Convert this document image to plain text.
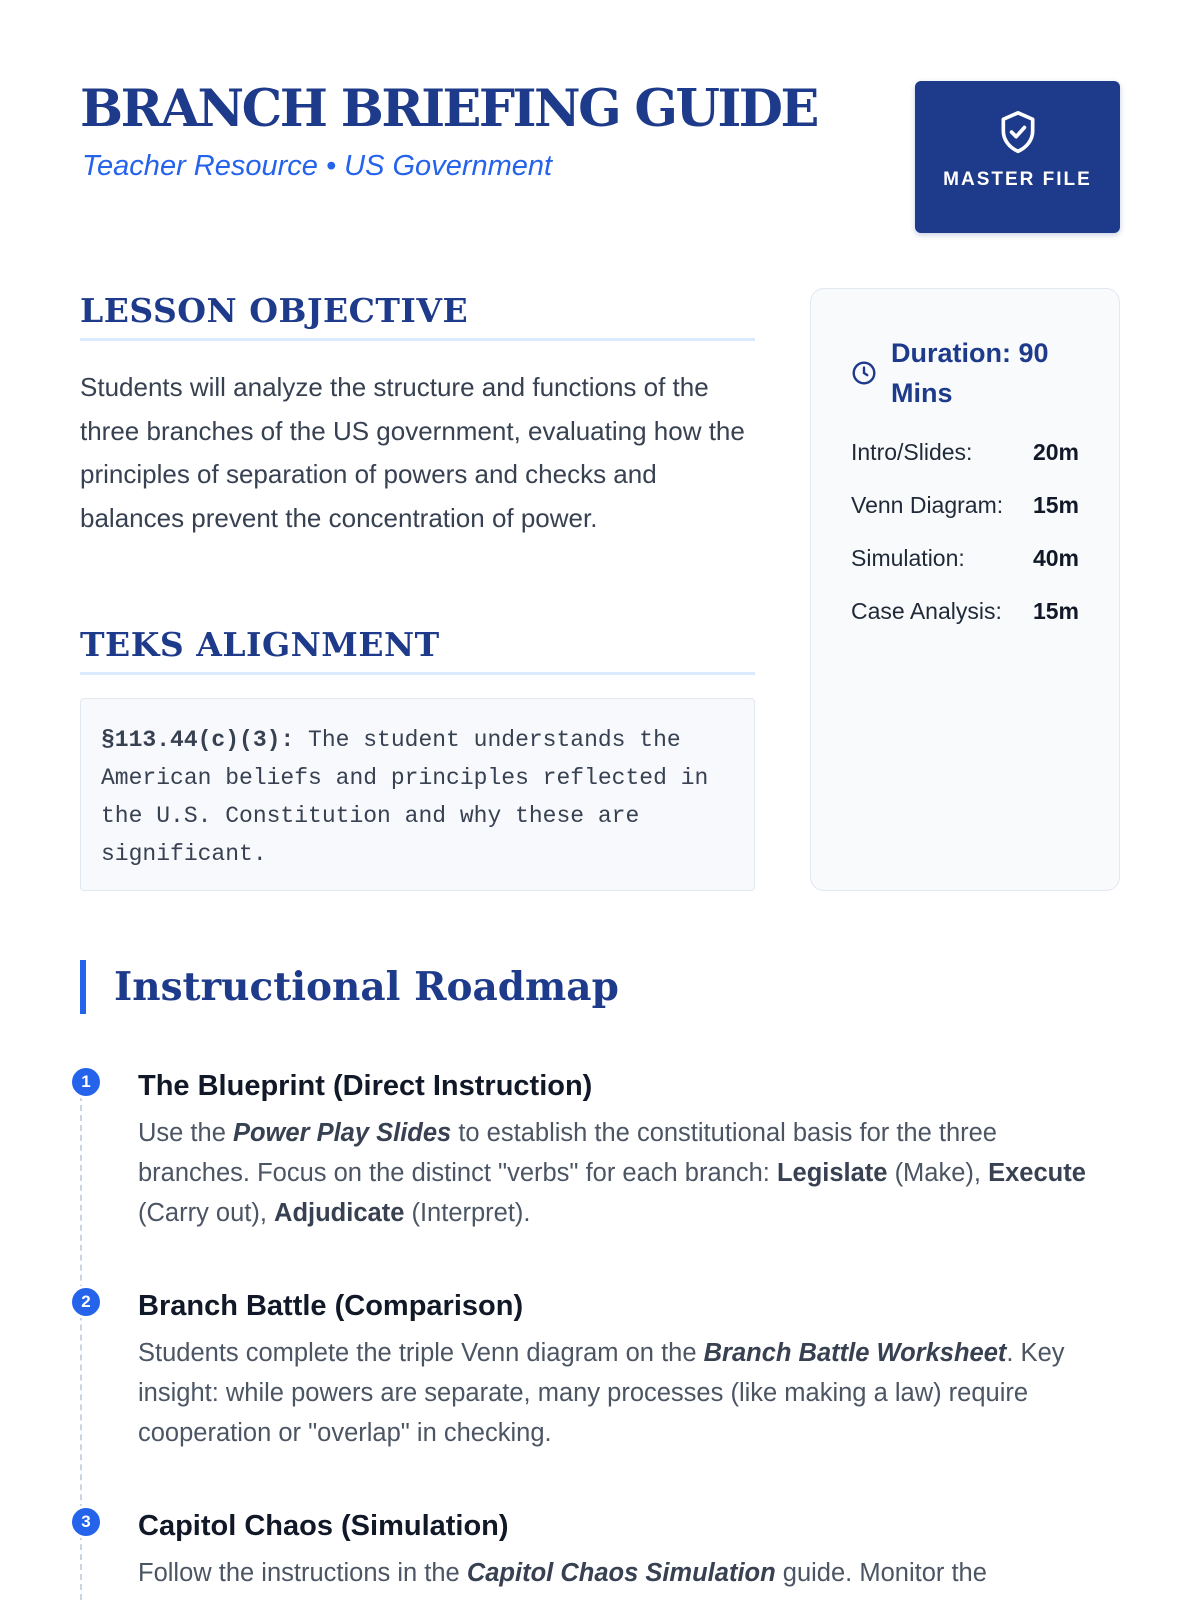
BRANCH BRIEFING GUIDE
Teacher Resource • US Government	MASTER FILE
LESSON OBJECTIVE

Students will analyze the structure and functions of the three branches of the US government, evaluating how the principles of separation of powers and checks and balances prevent the concentration of power.

TEKS ALIGNMENT
§113.44(c)(3): The student understands the American beliefs and principles reflected in the U.S. Constitution and why these are significant.
Duration: 90 Mins
Intro/Slides:	20m
Venn Diagram: 15m
Simulation:	40m
Case Analysis: 15m
Instructional Roadmap
1	The Blueprint (Direct Instruction)

Use the Power Play Slides to establish the constitutional basis for the three branches. Focus on the distinct "verbs" for each branch: Legislate (Make), Execute (Carry out), Adjudicate (Interpret).

2	Branch Battle (Comparison)

Students complete the triple Venn diagram on the Branch Battle Worksheet. Key insight: while powers are separate, many processes (like making a law) require cooperation or "overlap" in checking.

3	Capitol Chaos (Simulation)

Follow the instructions in the Capitol Chaos Simulation guide. Monitor the
